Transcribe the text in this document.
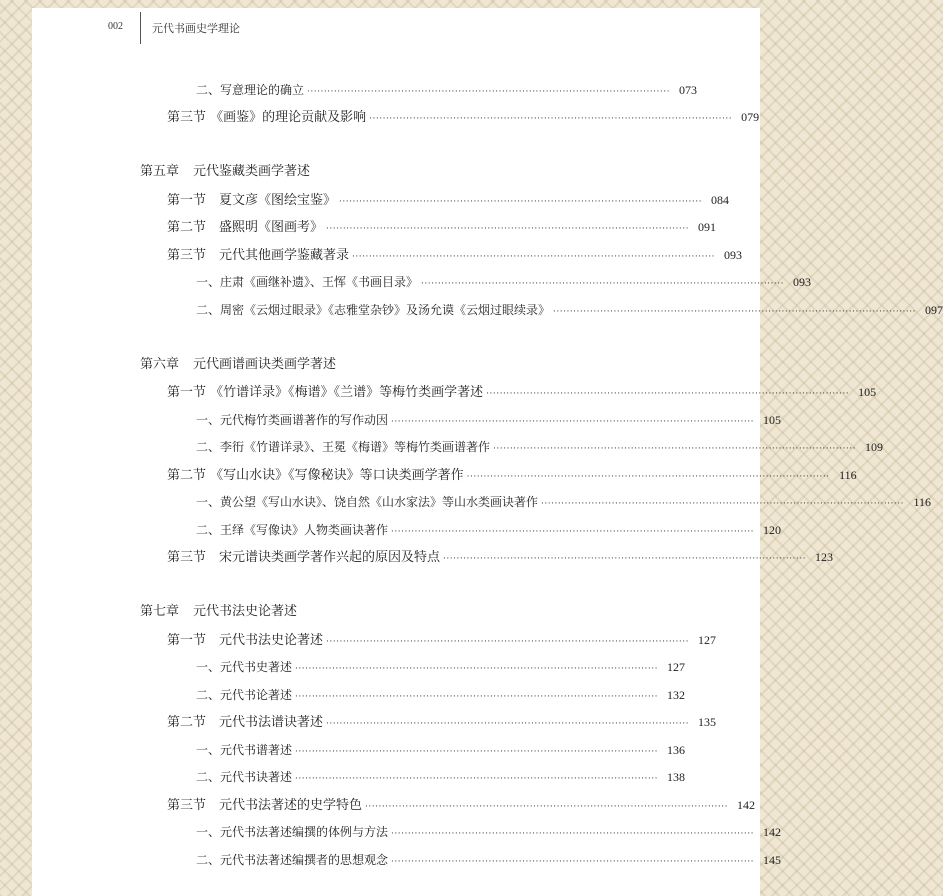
002	元代书画史学理论
二、写意理论的确立 ············································································································ 073
第三节 《画鉴》的理论贡献及影响 ············································································································ 079
第五章 元代鉴藏类画学著述
第一节　夏文彦《图绘宝鉴》 ············································································································ 084
第二节　盛熙明《图画考》 ············································································································ 091
第三节　元代其他画学鉴藏著录 ············································································································ 093
一、庄肃《画继补遗》、王恽《书画目录》 ············································································································ 093
二、周密《云烟过眼录》《志雅堂杂钞》及汤允谟《云烟过眼续录》 ············································································································ 097
第六章 元代画谱画诀类画学著述
第一节 《竹谱详录》《梅谱》《兰谱》等梅竹类画学著述 ············································································································ 105
一、元代梅竹类画谱著作的写作动因 ············································································································ 105
二、李衎《竹谱详录》、王冕《梅谱》等梅竹类画谱著作 ············································································································ 109
第二节 《写山水诀》《写像秘诀》等口诀类画学著作 ············································································································ 116
一、黄公望《写山水诀》、饶自然《山水家法》等山水类画诀著作 ············································································································ 116
二、王绎《写像诀》人物类画诀著作 ············································································································ 120
第三节　宋元谱诀类画学著作兴起的原因及特点 ············································································································ 123
第七章 元代书法史论著述
第一节　元代书法史论著述 ············································································································ 127
一、元代书史著述 ············································································································ 127
二、元代书论著述 ············································································································ 132
第二节　元代书法谱诀著述 ············································································································ 135
一、元代书谱著述 ············································································································ 136
二、元代书诀著述 ············································································································ 138
第三节　元代书法著述的史学特色 ············································································································ 142
一、元代书法著述编撰的体例与方法 ············································································································ 142
二、元代书法著述编撰者的思想观念 ············································································································ 145
